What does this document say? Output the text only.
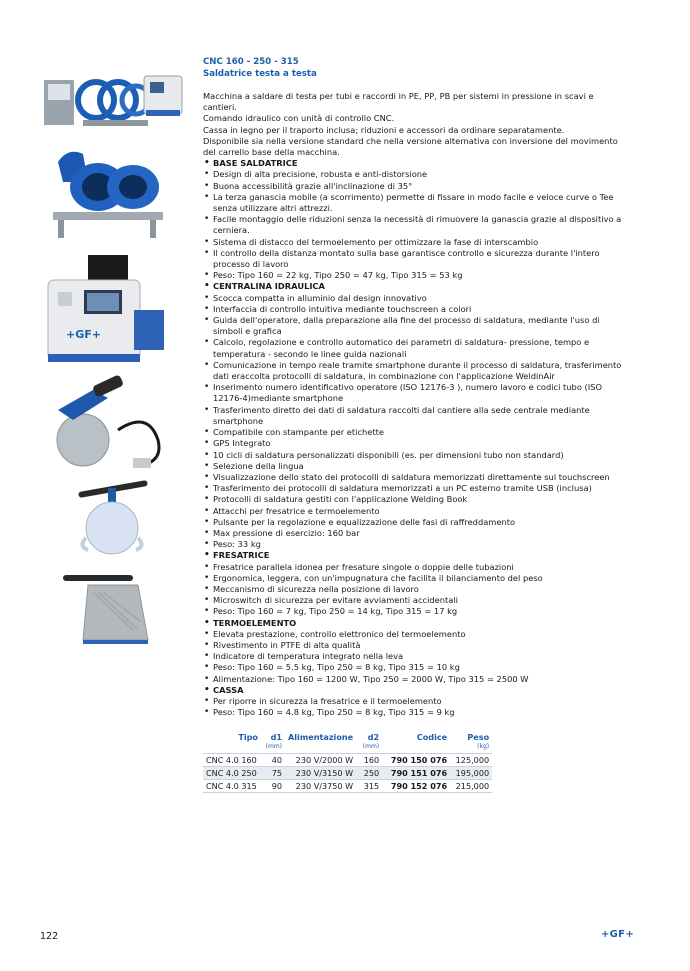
+GF+
CNC 160 - 250 - 315
Saldatrice testa a testa
Macchina a saldare di testa per tubi e raccordi in PE, PP, PB per sistemi in pressione in scavi e cantieri.
Comando idraulico con unità di controllo CNC.
Cassa in legno per il traporto inclusa; riduzioni e accessori da ordinare separatamente.
Disponibile sia nella versione standard che nella versione alternativa con inversione del movimento del carrello base della macchina.
• BASE SALDATRICE
• Design di alta precisione, robusta e anti-distorsione
• Buona accessibilità grazie all'inclinazione di 35°
• La terza ganascia mobile (a scorrimento) permette di fissare in modo facile e veloce curve o Tee senza utilizzare altri attrezzi.
• Facile montaggio delle riduzioni senza la necessità di rimuovere la ganascia grazie al dispositivo a cerniera.
• Sistema di distacco del termoelemento per ottimizzare la fase di interscambio
• Il controllo della distanza montato sulla base garantisce controllo e sicurezza durante l'intero processo di lavoro
• Peso: Tipo 160 = 22 kg, Tipo 250 = 47 kg, Tipo 315 = 53 kg
• CENTRALINA IDRAULICA
• Scocca compatta in alluminio dal design innovativo
• Interfaccia di controllo intuitiva mediante touchscreen a colori
• Guida dell'operatore, dalla preparazione alla fine del processo di saldatura, mediante l'uso di simboli e grafica
• Calcolo, regolazione e controllo automatico dei parametri di saldatura- pressione, tempo e temperatura - secondo le linee guida nazionali
• Comunicazione in tempo reale tramite smartphone durante il processo di saldatura, trasferimento dati eraccolta protocolli di saldatura, in combinazione con l'applicazione WeldinAir
• Inserimento numero identificativo operatore (ISO 12176-3 ), numero lavoro e codici tubo (ISO 12176-4)mediante smartphone
• Trasferimento diretto dei dati di saldatura raccolti dal cantiere alla sede centrale mediante smartphone
• Compatibile con stampante per etichette
• GPS Integrato
• 10 cicli di saldatura personalizzati disponibili (es. per dimensioni tubo non standard)
• Selezione della lingua
• Visualizzazione dello stato dei protocolli di saldatura memorizzati direttamente sul touchscreen
• Trasferimento dei protocolli di saldatura memorizzati a un PC esterno tramite USB (inclusa)
• Protocolli di saldatura gestiti con l'applicazione Welding Book
• Attacchi per fresatrice e termoelemento
• Pulsante per la regolazione e equalizzazione delle fasi di raffreddamento
• Max pressione di esercizio: 160 bar
• Peso: 33 kg
• FRESATRICE
• Fresatrice parallela idonea per fresature singole o doppie delle tubazioni
• Ergonomica, leggera, con un'impugnatura che facilita il bilanciamento del peso
• Meccanismo di sicurezza nella posizione di lavoro
• Microswitch di sicurezza per evitare avviamenti accidentali
• Peso: Tipo 160 = 7 kg, Tipo 250 = 14 kg, Tipo 315 = 17 kg
• TERMOELEMENTO
• Elevata prestazione, controllo elettronico del termoelemento
• Rivestimento in PTFE di alta qualità
• Indicatore di temperatura integrato nella leva
• Peso: Tipo 160 = 5.5 kg, Tipo 250 = 8 kg, Tipo 315 = 10 kg
• Alimentazione: Tipo 160 = 1200 W, Tipo 250 = 2000 W, Tipo 315 = 2500 W
• CASSA
• Per riporre in sicurezza la fresatrice e il termoelemento
• Peso: Tipo 160 = 4.8 kg, Tipo 250 = 8 kg, Tipo 315 = 9 kg
Tipo	d1	Alimentazione	d2	Codice	Peso
	(mm)		(mm)		(kg)
CNC 4.0 160	40	230 V/2000 W	160	790 150 076	125,000
CNC 4.0 250	75	230 V/3150 W	250	790 151 076	195,000
CNC 4.0 315	90	230 V/3750 W	315	790 152 076	215,000
122	+GF+
